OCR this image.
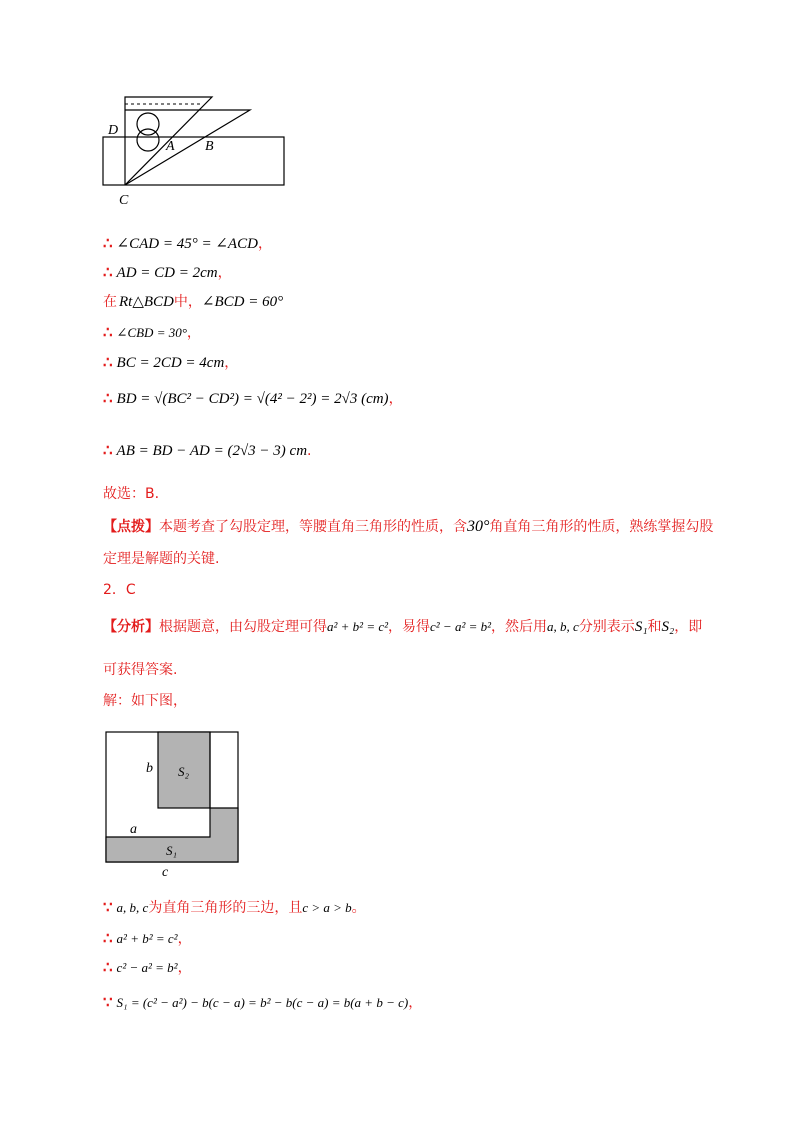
D
A B
C
∴ ∠CAD = 45° = ∠ACD，
∴ AD = CD = 2cm，
在 Rt△BCD中，∠BCD = 60°
∴ ∠CBD = 30°，
∴ BC = 2CD = 4cm，
∴ BD = √(BC² − CD²) = √(4² − 2²) = 2√3 (cm)，
∴ AB = BD − AD = (2√3 − 3) cm.
故选：B.
【点拨】本题考查了勾股定理，等腰直角三角形的性质，含30°角直角三角形的性质，熟练掌握勾股
定理是解题的关键.
2．C
【分析】根据题意，由勾股定理可得a² + b² = c²，易得c² − a² = b²，然后用a, b, c分别表示S₁和S₂，即
可获得答案.
解：如下图，
b S₂
a
S₁
c
∵ a, b, c为直角三角形的三边，且c > a > b。
∴ a² + b² = c²，
∴ c² − a² = b²，
∵ S₁ = (c² − a²) − b(c − a) = b² − b(c − a) = b(a + b − c)，
